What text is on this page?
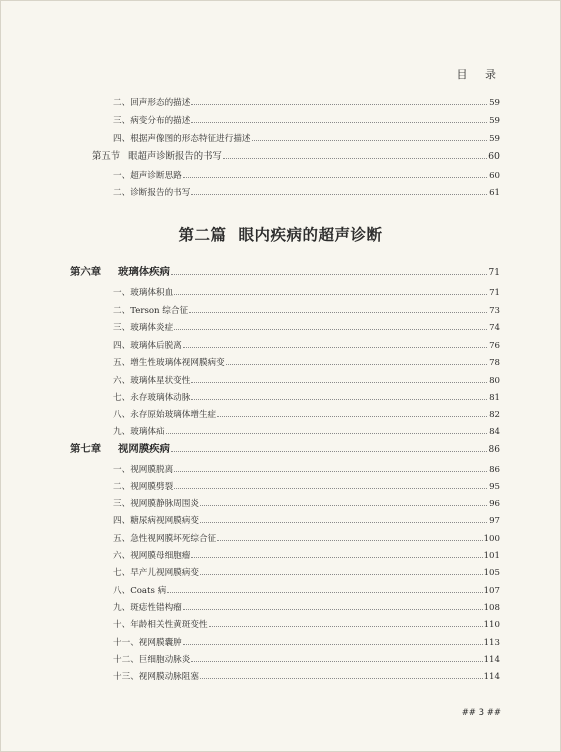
目 录
二、回声形态的描述	59
三、病变分布的描述	59
四、根据声像图的形态特征进行描述	59
第五节 眼超声诊断报告的书写	60
一、超声诊断思路	60
二、诊断报告的书写	61
第二篇 眼内疾病的超声诊断
第六章	玻璃体疾病	71
一、玻璃体积血	71
二、Terson 综合征	73
三、玻璃体炎症	74
四、玻璃体后脱离	76
五、增生性玻璃体视网膜病变	78
六、玻璃体星状变性	80
七、永存玻璃体动脉	81
八、永存原始玻璃体增生症	82
九、玻璃体疝	84
第七章	视网膜疾病	86
一、视网膜脱离	86
二、视网膜劈裂	95
三、视网膜静脉周围炎	96
四、糖尿病视网膜病变	97
五、急性视网膜坏死综合征	100
六、视网膜母细胞瘤	101
七、早产儿视网膜病变	105
八、Coats 病	107
九、斑痣性错构瘤	108
十、年龄相关性黄斑变性	110
十一、视网膜囊肿	113
十二、巨细胞动脉炎	114
十三、视网膜动脉阻塞	114
## 3 ##
